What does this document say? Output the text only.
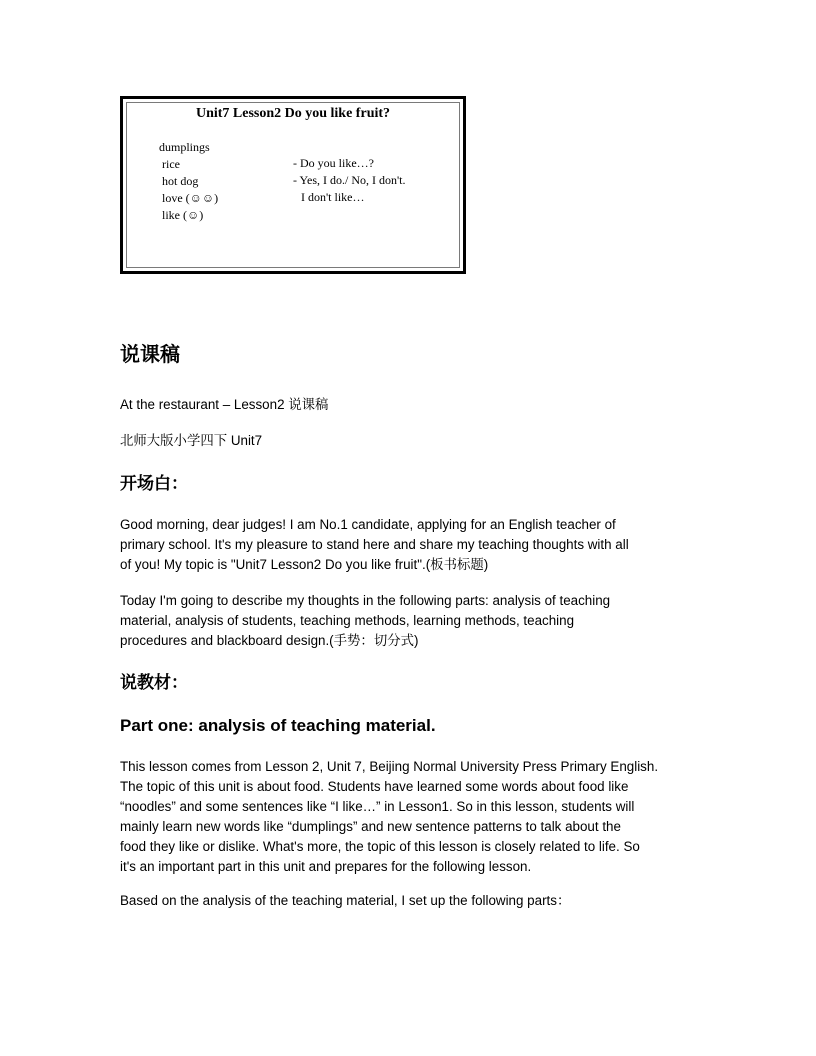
Unit7 Lesson2 Do you like fruit?
dumplings
rice
hot dog
love (☺☺)
like (☺)
- Do you like…?
- Yes, I do./ No, I don't.
I don't like…
说课稿
At the restaurant – Lesson2 说课稿
北师大版小学四下 Unit7
开场白：
Good morning, dear judges! I am No.1 candidate, applying for an English teacher of
primary school. It's my pleasure to stand here and share my teaching thoughts with all
of you! My topic is "Unit7 Lesson2 Do you like fruit".(板书标题)
Today I'm going to describe my thoughts in the following parts: analysis of teaching
material, analysis of students, teaching methods, learning methods, teaching
procedures and blackboard design.(手势：切分式)
说教材：
Part one: analysis of teaching material.
This lesson comes from Lesson 2, Unit 7, Beijing Normal University Press Primary English.
The topic of this unit is about food. Students have learned some words about food like
“noodles” and some sentences like “I like…” in Lesson1. So in this lesson, students will
mainly learn new words like “dumplings” and new sentence patterns to talk about the
food they like or dislike. What's more, the topic of this lesson is closely related to life. So
it's an important part in this unit and prepares for the following lesson.
Based on the analysis of the teaching material, I set up the following parts：
